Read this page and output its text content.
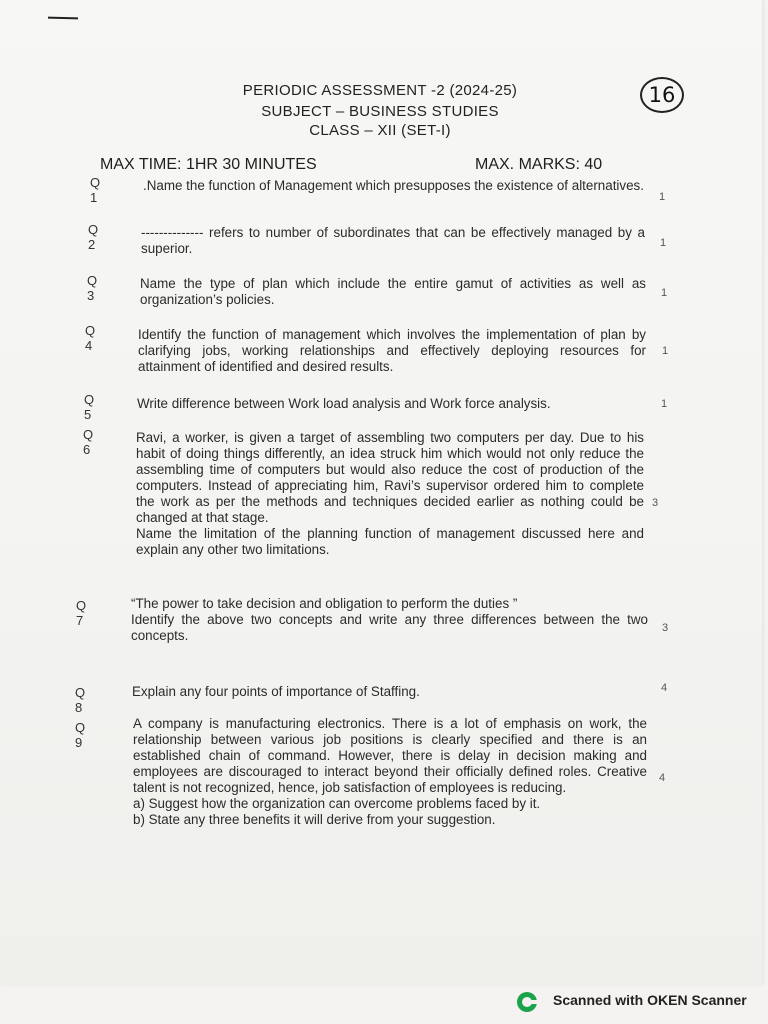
16
PERIODIC ASSESSMENT -2 (2024-25)
SUBJECT – BUSINESS STUDIES
CLASS – XII (SET-I)
MAX TIME: 1HR 30 MINUTES	MAX. MARKS: 40
Q 1
.Name the function of Management which presupposes the existence of alternatives.
1
Q 2
-------------- refers to number of subordinates that can be effectively managed by a superior.	1
Q 3
Name the type of plan which include the entire gamut of activities as well as organization’s policies.	1
Q 4
Identify the function of management which involves the implementation of plan by clarifying jobs, working relationships and effectively deploying resources for attainment of identified and desired results.
1
Q 5
Write difference between Work load analysis and Work force analysis.	1
Q 6

Ravi, a worker, is given a target of assembling two computers per day. Due to his habit of doing things differently, an idea struck him which would not only reduce the assembling time of computers but would also reduce the cost of production of the computers. Instead of appreciating him, Ravi’s supervisor ordered him to complete the work as per the methods and techniques decided earlier as nothing could be changed at that stage.

Name the limitation of the planning function of management discussed here and explain any other two limitations.

3
Q 7

“The power to take decision and obligation to perform the duties ”

Identify the above two concepts and write any three differences between the two concepts.	3
Q 8
Explain any four points of importance of Staffing.	4
Q 9

A company is manufacturing electronics. There is a lot of emphasis on work, the relationship between various job positions is clearly specified and there is an established chain of command. However, there is delay in decision making and employees are discouraged to interact beyond their officially defined roles. Creative talent is not recognized, hence, job satisfaction of employees is reducing.

a) Suggest how the organization can overcome problems faced by it.

b) State any three benefits it will derive from your suggestion.

4
Scanned with OKEN Scanner
